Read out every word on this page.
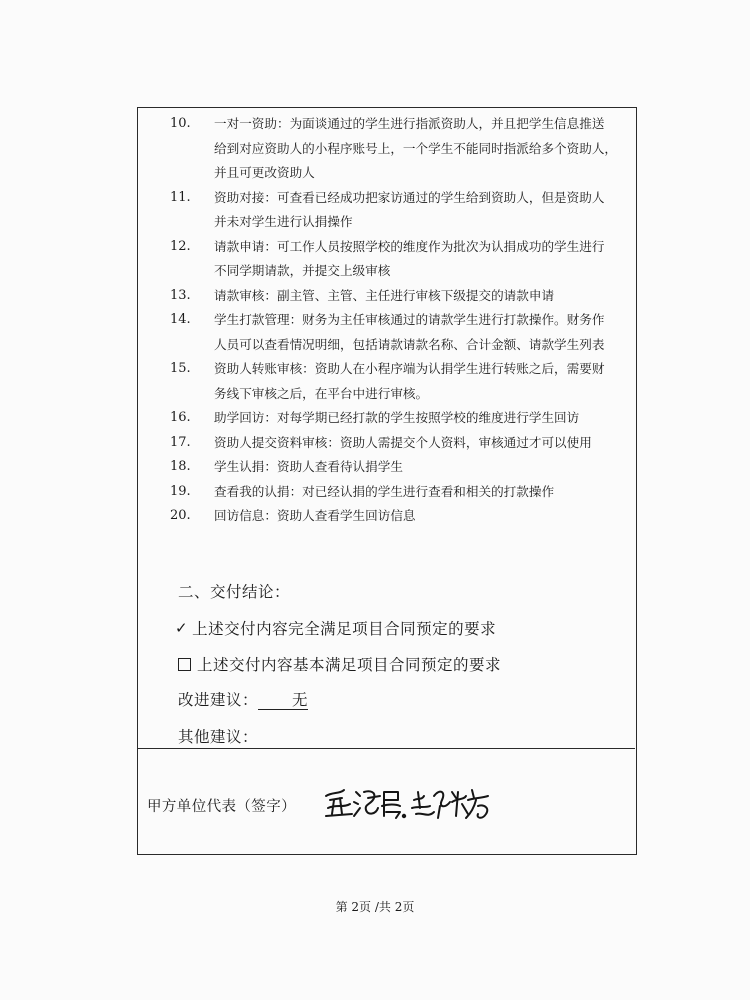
10.	一对一资助：为面谈通过的学生进行指派资助人，并且把学生信息推送
给到对应资助人的小程序账号上，一个学生不能同时指派给多个资助人，
并且可更改资助人
11.	资助对接：可查看已经成功把家访通过的学生给到资助人，但是资助人
并未对学生进行认捐操作
12.	请款申请：可工作人员按照学校的维度作为批次为认捐成功的学生进行
不同学期请款，并提交上级审核
13.	请款审核：副主管、主管、主任进行审核下级提交的请款申请
14.	学生打款管理：财务为主任审核通过的请款学生进行打款操作。财务作
人员可以查看情况明细，包括请款请款名称、合计金额、请款学生列表
15.	资助人转账审核：资助人在小程序端为认捐学生进行转账之后，需要财
务线下审核之后，在平台中进行审核。
16.	助学回访：对每学期已经打款的学生按照学校的维度进行学生回访
17.	资助人提交资料审核：资助人需提交个人资料，审核通过才可以使用
18.	学生认捐：资助人查看待认捐学生
19.	查看我的认捐：对已经认捐的学生进行查看和相关的打款操作
20.	回访信息：资助人查看学生回访信息
二、交付结论：
✓ 上述交付内容完全满足项目合同预定的要求
上述交付内容基本满足项目合同预定的要求
改进建议： 无
其他建议：
甲方单位代表（签字）
第 2页 /共 2页
